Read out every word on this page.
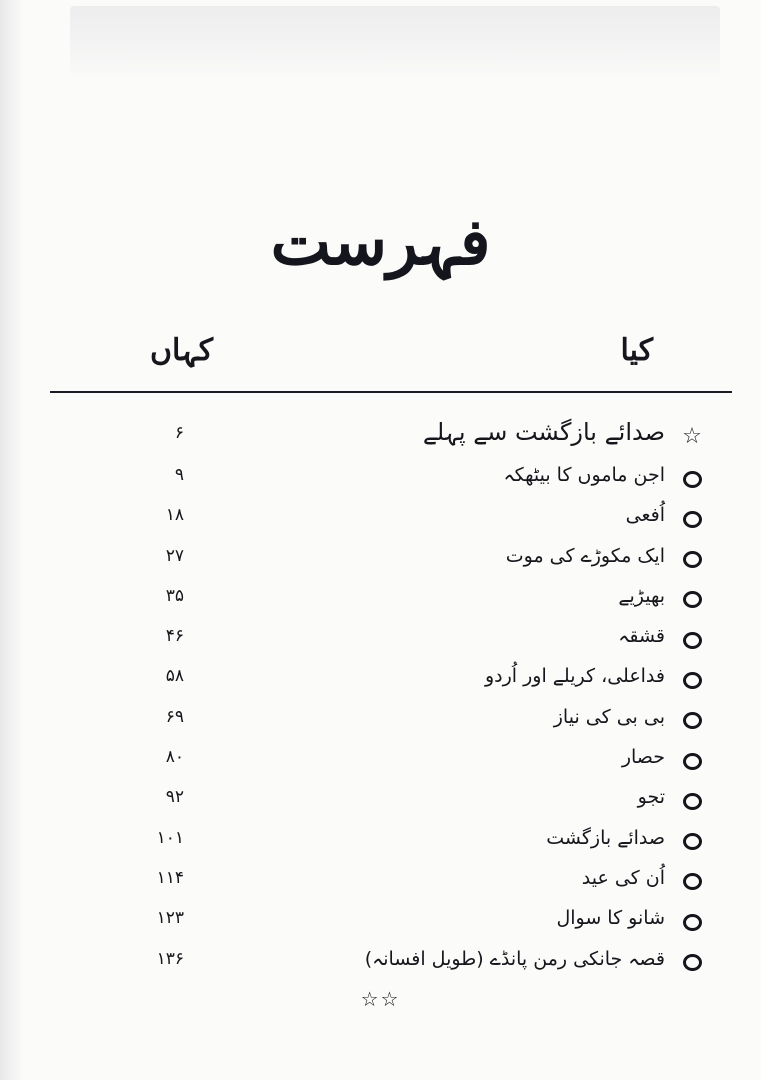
فہرست
کیا
کہاں
☆
صدائے بازگشت سے پہلے
۶
اجن ماموں کا بیٹھکہ
۹
اُفعی
۱۸
ایک مکوڑے کی موت
۲۷
بھیڑیے
۳۵
قشقہ
۴۶
فداعلی، کریلے اور اُردو
۵۸
بی بی کی نیاز
۶۹
حصار
۸۰
تجو
۹۲
صدائے بازگشت
۱۰۱
اُن کی عید
۱۱۴
شانو کا سوال
۱۲۳
قصہ جانکی رمن پانڈے (طویل افسانہ)
۱۳۶
☆☆
